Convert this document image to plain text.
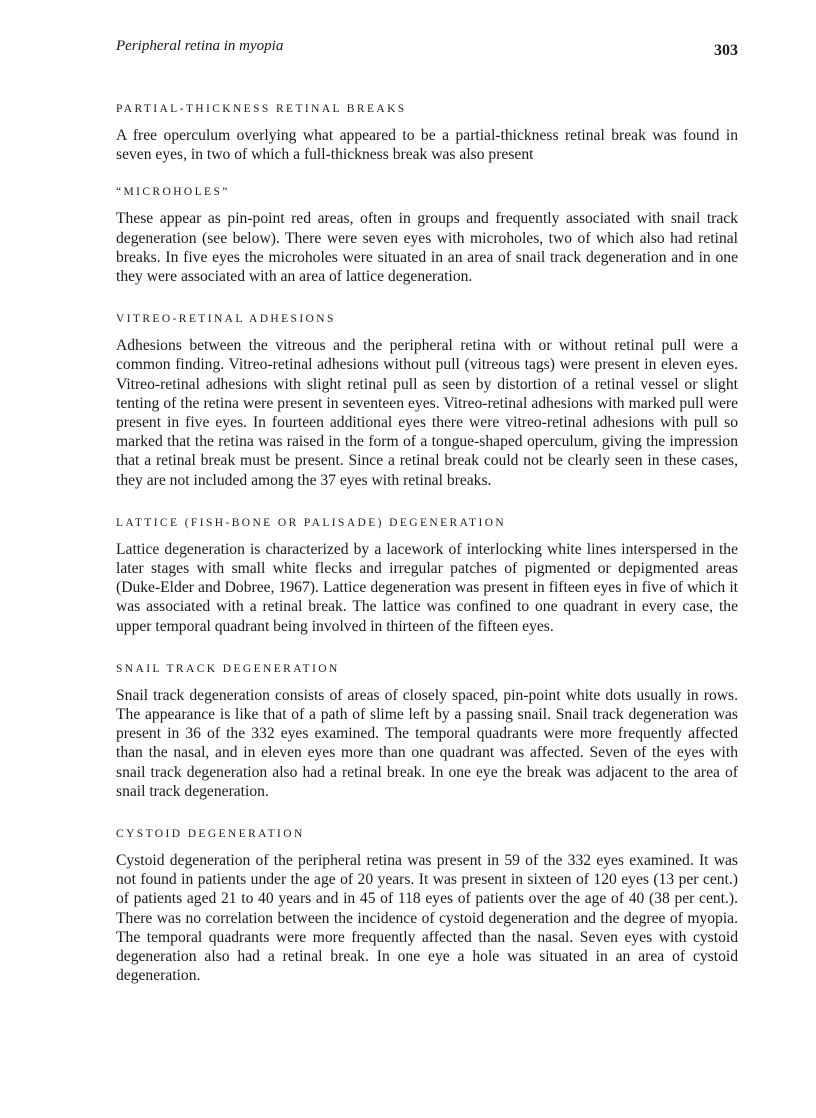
Peripheral retina in myopia	303
PARTIAL-THICKNESS RETINAL BREAKS

A free operculum overlying what appeared to be a partial-thickness retinal break was found in seven eyes, in two of which a full-thickness break was also present

“MICROHOLES”

These appear as pin-point red areas, often in groups and frequently associated with snail track degeneration (see below). There were seven eyes with microholes, two of which also had retinal breaks. In five eyes the microholes were situated in an area of snail track degeneration and in one they were associated with an area of lattice degeneration.

VITREO-RETINAL ADHESIONS

Adhesions between the vitreous and the peripheral retina with or without retinal pull were a common finding. Vitreo-retinal adhesions without pull (vitreous tags) were present in eleven eyes. Vitreo-retinal adhesions with slight retinal pull as seen by distortion of a retinal vessel or slight tenting of the retina were present in seventeen eyes. Vitreo-retinal adhesions with marked pull were present in five eyes. In fourteen additional eyes there were vitreo-retinal adhesions with pull so marked that the retina was raised in the form of a tongue-shaped operculum, giving the impression that a retinal break must be present. Since a retinal break could not be clearly seen in these cases, they are not included among the 37 eyes with retinal breaks.

LATTICE (FISH-BONE OR PALISADE) DEGENERATION

Lattice degeneration is characterized by a lacework of interlocking white lines interspersed in the later stages with small white flecks and irregular patches of pigmented or depigmented areas (Duke-Elder and Dobree, 1967). Lattice degeneration was present in fifteen eyes in five of which it was associated with a retinal break. The lattice was confined to one quadrant in every case, the upper temporal quadrant being involved in thirteen of the fifteen eyes.

SNAIL TRACK DEGENERATION

Snail track degeneration consists of areas of closely spaced, pin-point white dots usually in rows. The appearance is like that of a path of slime left by a passing snail. Snail track degeneration was present in 36 of the 332 eyes examined. The temporal quadrants were more frequently affected than the nasal, and in eleven eyes more than one quadrant was affected. Seven of the eyes with snail track degeneration also had a retinal break. In one eye the break was adjacent to the area of snail track degeneration.

CYSTOID DEGENERATION

Cystoid degeneration of the peripheral retina was present in 59 of the 332 eyes examined. It was not found in patients under the age of 20 years. It was present in sixteen of 120 eyes (13 per cent.) of patients aged 21 to 40 years and in 45 of 118 eyes of patients over the age of 40 (38 per cent.). There was no correlation between the incidence of cystoid degeneration and the degree of myopia. The temporal quadrants were more frequently affected than the nasal. Seven eyes with cystoid degeneration also had a retinal break. In one eye a hole was situated in an area of cystoid degeneration.
